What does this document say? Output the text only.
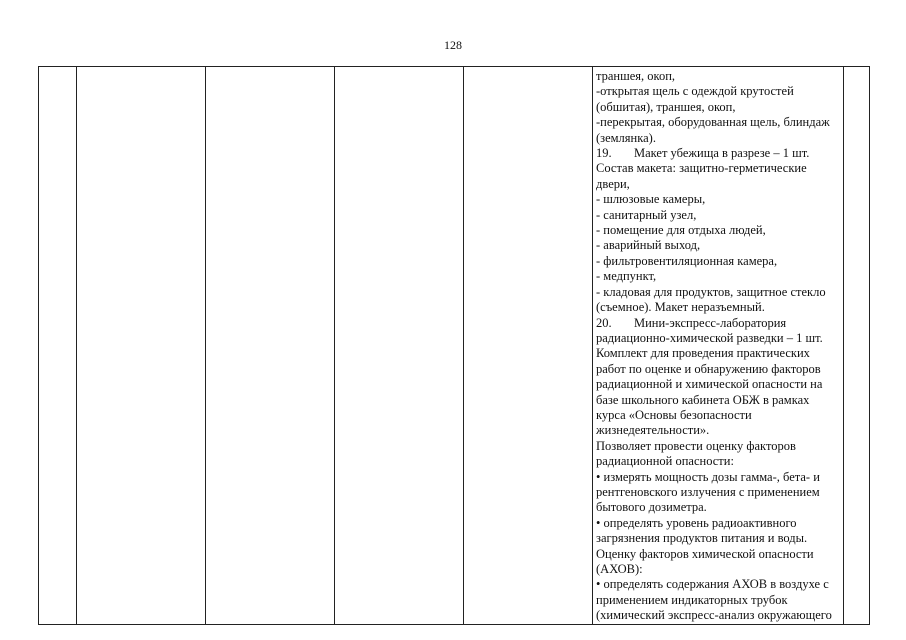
128

траншея, окоп,
-открытая щель с одеждой крутостей
(обшитая), траншея, окоп,
-перекрытая, оборудованная щель, блиндаж
(землянка).
19. Макет убежища в разрезе – 1 шт.
Состав макета: защитно-герметические
двери,
- шлюзовые камеры,
- санитарный узел,
- помещение для отдыха людей,
- аварийный выход,
- фильтровентиляционная камера,
- медпункт,
- кладовая для продуктов, защитное стекло
(съемное). Макет неразъемный.
20. Мини-экспресс-лаборатория
радиационно-химической разведки – 1 шт.
Комплект для проведения практических
работ по оценке и обнаружению факторов
радиационной и химической опасности на
базе школьного кабинета ОБЖ в рамках
курса «Основы безопасности
жизнедеятельности».
Позволяет провести оценку факторов
радиационной опасности:
• измерять мощность дозы гамма-, бета- и
рентгеновского излучения с применением
бытового дозиметра.
• определять уровень радиоактивного
загрязнения продуктов питания и воды.
Оценку факторов химической опасности
(АХОВ):
• определять содержания АХОВ в воздухе с
применением индикаторных трубок
(химический экспресс-анализ окружающего
